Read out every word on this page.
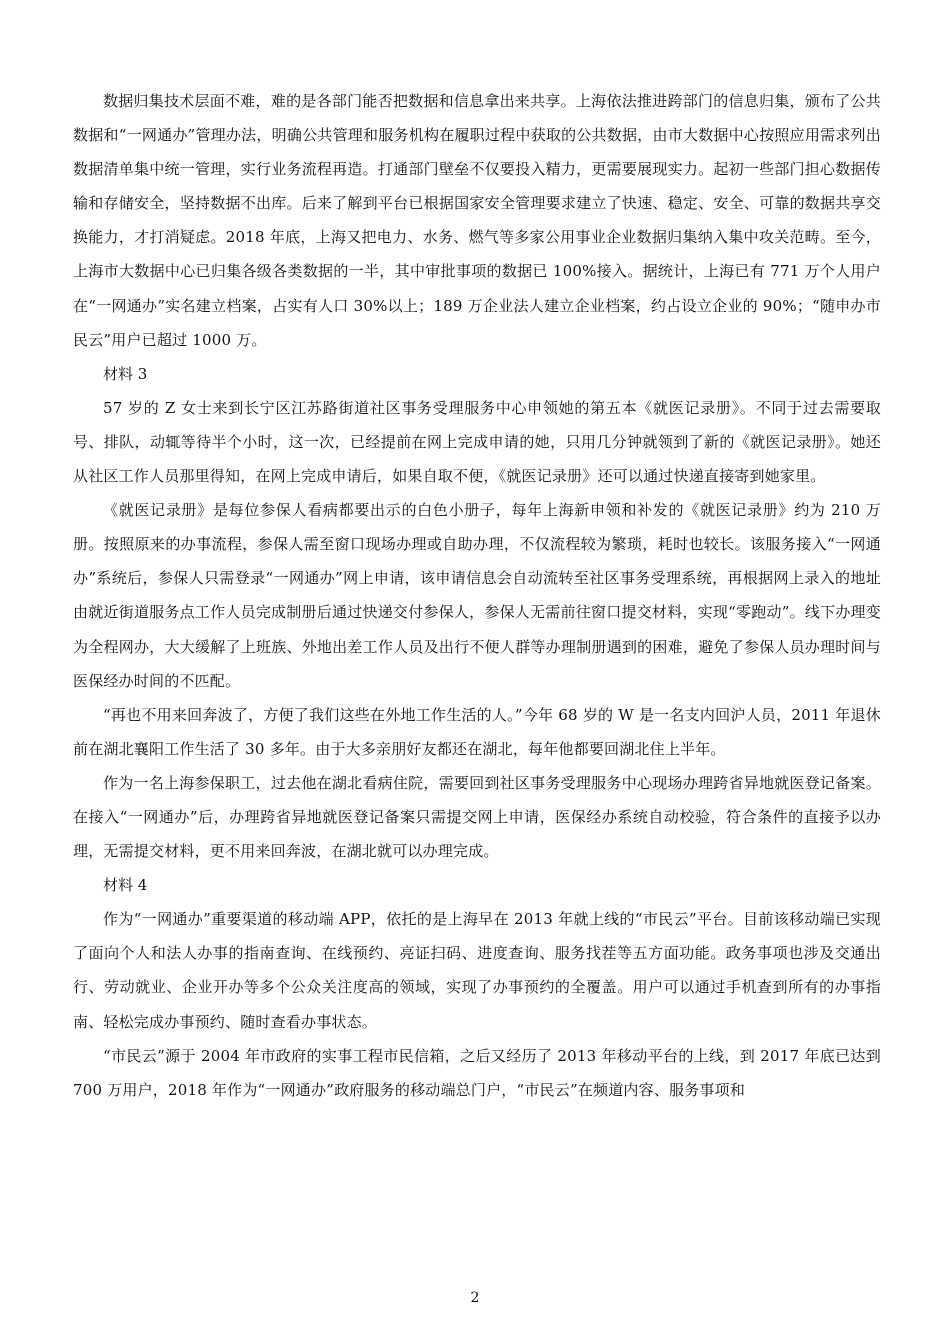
数据归集技术层面不难，难的是各部门能否把数据和信息拿出来共享。上海依法推进跨部门的信息归集，颁布了公共数据和“一网通办”管理办法，明确公共管理和服务机构在履职过程中获取的公共数据，由市大数据中心按照应用需求列出数据清单集中统一管理，实行业务流程再造。打通部门壁垒不仅要投入精力，更需要展现实力。起初一些部门担心数据传输和存储安全，坚持数据不出库。后来了解到平台已根据国家安全管理要求建立了快速、稳定、安全、可靠的数据共享交换能力，才打消疑虑。2018 年底，上海又把电力、水务、燃气等多家公用事业企业数据归集纳入集中攻关范畴。至今，上海市大数据中心已归集各级各类数据的一半，其中审批事项的数据已 100%接入。据统计，上海已有 771 万个人用户在“一网通办”实名建立档案，占实有人口 30%以上；189 万企业法人建立企业档案，约占设立企业的 90%；“随申办市民云”用户已超过 1000 万。

材料 3

57 岁的 Z 女士来到长宁区江苏路街道社区事务受理服务中心申领她的第五本《就医记录册》。不同于过去需要取号、排队，动辄等待半个小时，这一次，已经提前在网上完成申请的她，只用几分钟就领到了新的《就医记录册》。她还从社区工作人员那里得知，在网上完成申请后，如果自取不便，《就医记录册》还可以通过快递直接寄到她家里。

《就医记录册》是每位参保人看病都要出示的白色小册子，每年上海新申领和补发的《就医记录册》约为 210 万册。按照原来的办事流程，参保人需至窗口现场办理或自助办理，不仅流程较为繁琐，耗时也较长。该服务接入“一网通办”系统后，参保人只需登录“一网通办”网上申请，该申请信息会自动流转至社区事务受理系统，再根据网上录入的地址由就近街道服务点工作人员完成制册后通过快递交付参保人，参保人无需前往窗口提交材料，实现“零跑动”。线下办理变为全程网办，大大缓解了上班族、外地出差工作人员及出行不便人群等办理制册遇到的困难，避免了参保人员办理时间与医保经办时间的不匹配。

“再也不用来回奔波了，方便了我们这些在外地工作生活的人。”今年 68 岁的 W 是一名支内回沪人员，2011 年退休前在湖北襄阳工作生活了 30 多年。由于大多亲朋好友都还在湖北，每年他都要回湖北住上半年。

作为一名上海参保职工，过去他在湖北看病住院，需要回到社区事务受理服务中心现场办理跨省异地就医登记备案。在接入“一网通办”后，办理跨省异地就医登记备案只需提交网上申请，医保经办系统自动校验，符合条件的直接予以办理，无需提交材料，更不用来回奔波，在湖北就可以办理完成。

材料 4

作为“一网通办”重要渠道的移动端 APP，依托的是上海早在 2013 年就上线的“市民云”平台。目前该移动端已实现了面向个人和法人办事的指南查询、在线预约、亮证扫码、进度查询、服务找茬等五方面功能。政务事项也涉及交通出行、劳动就业、企业开办等多个公众关注度高的领域，实现了办事预约的全覆盖。用户可以通过手机查到所有的办事指南、轻松完成办事预约、随时查看办事状态。

“市民云”源于 2004 年市政府的实事工程市民信箱，之后又经历了 2013 年移动平台的上线，到 2017 年底已达到 700 万用户，2018 年作为“一网通办”政府服务的移动端总门户，“市民云”在频道内容、服务事项和

2
